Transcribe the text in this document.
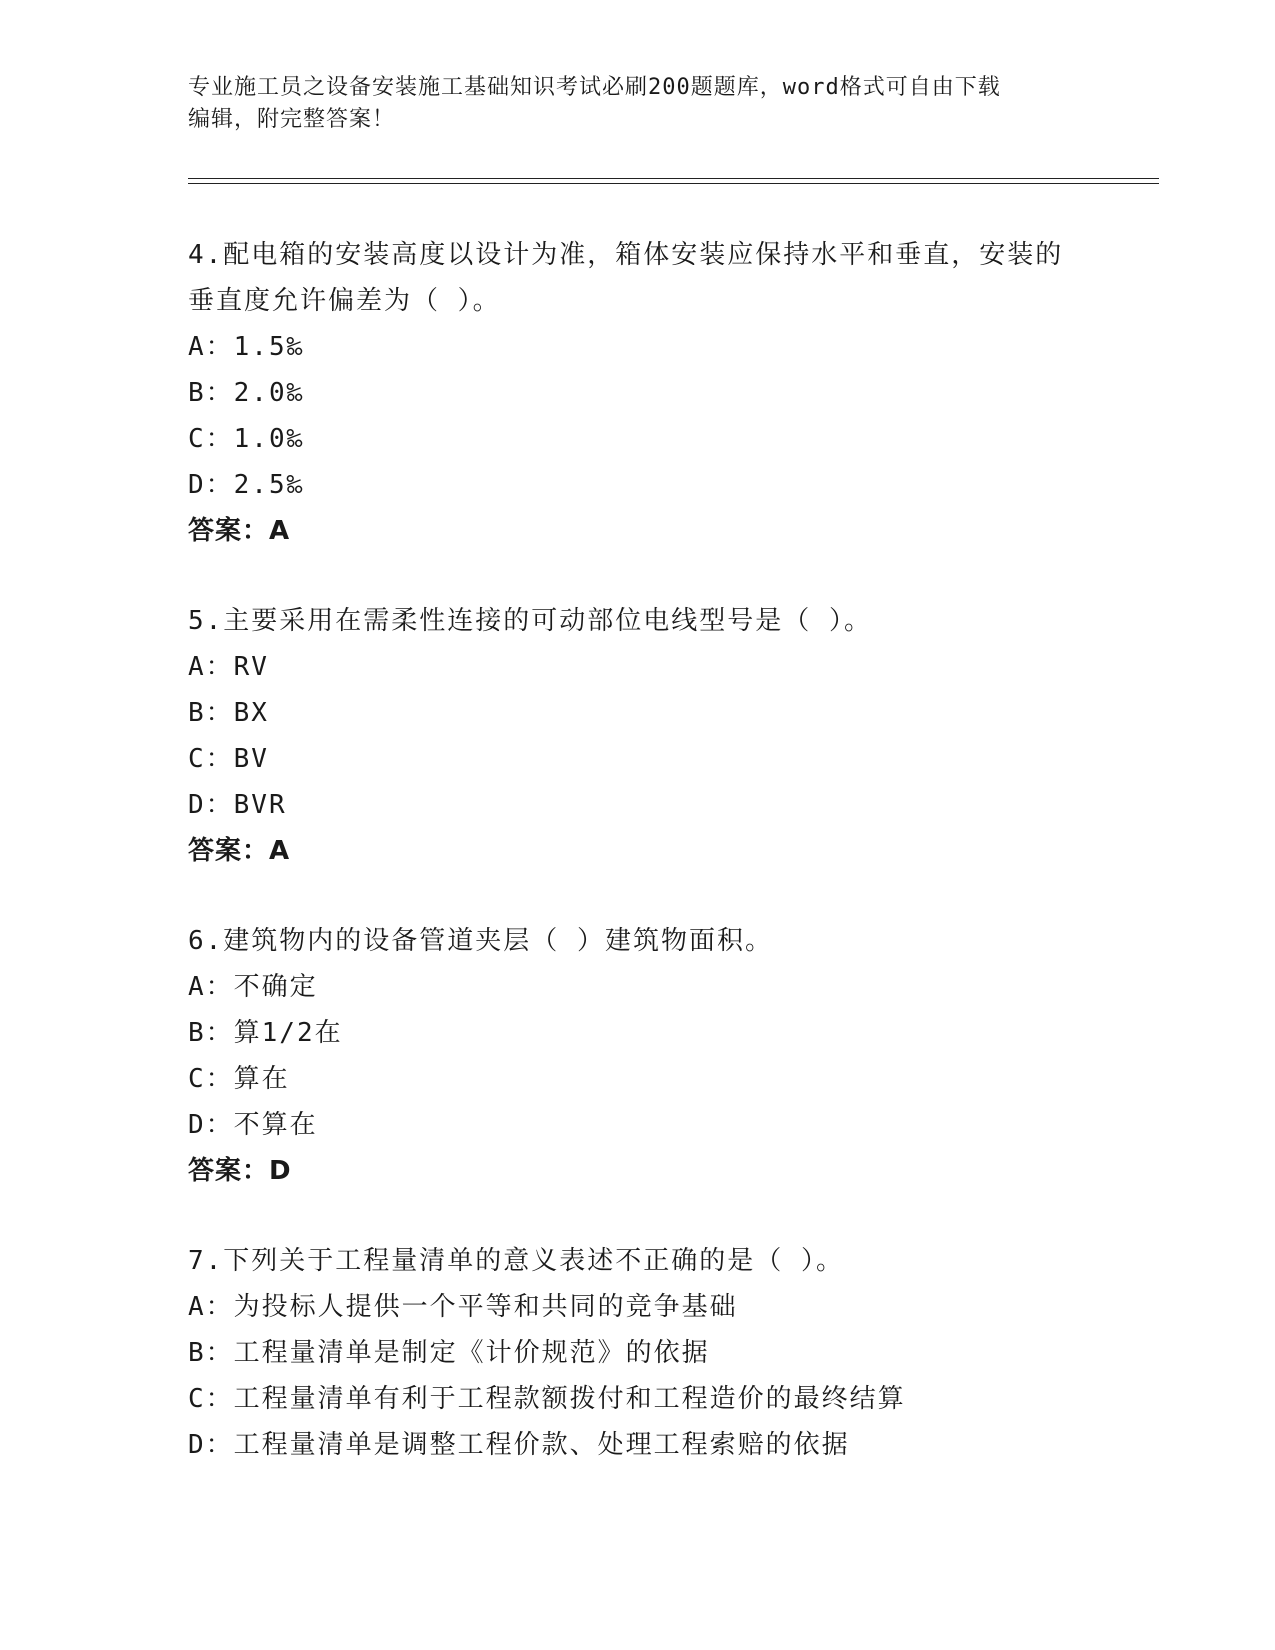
专业施工员之设备安装施工基础知识考试必刷200题题库，word格式可自由下载
编辑，附完整答案！
4.配电箱的安装高度以设计为准，箱体安装应保持水平和垂直，安装的垂直度允许偏差为（ ）。
A：1.5‰
B：2.0‰
C：1.0‰
D：2.5‰
答案：A
5.主要采用在需柔性连接的可动部位电线型号是（ ）。
A：RV
B：BX
C：BV
D：BVR
答案：A
6.建筑物内的设备管道夹层（ ）建筑物面积。
A：不确定
B：算1/2在
C：算在
D：不算在
答案：D
7.下列关于工程量清单的意义表述不正确的是（ ）。
A：为投标人提供一个平等和共同的竞争基础
B：工程量清单是制定《计价规范》的依据
C：工程量清单有利于工程款额拨付和工程造价的最终结算
D：工程量清单是调整工程价款、处理工程索赔的依据
